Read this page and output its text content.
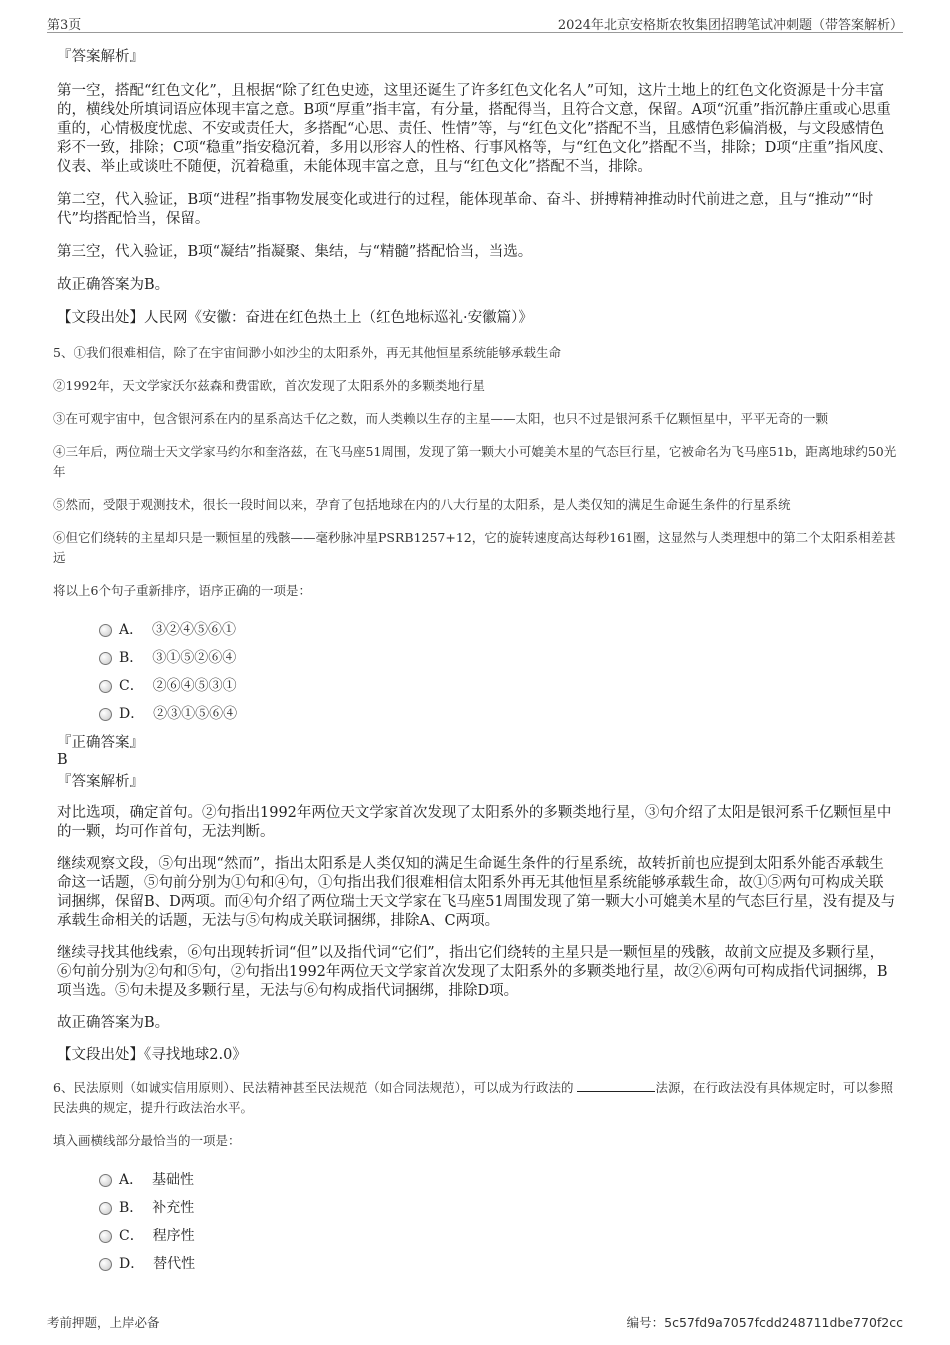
第3页	2024年北京安格斯农牧集团招聘笔试冲刺题（带答案解析）

『答案解析』

第一空，搭配“红色文化”，且根据“除了红色史迹，这里还诞生了许多红色文化名人”可知，这片土地上的红色文化资源是十分丰富的，横线处所填词语应体现丰富之意。B项“厚重”指丰富，有分量，搭配得当，且符合文意，保留。A项“沉重”指沉静庄重或心思重重的，心情极度忧虑、不安或责任大，多搭配“心思、责任、性情”等，与“红色文化”搭配不当，且感情色彩偏消极，与文段感情色彩不一致，排除；C项“稳重”指安稳沉着，多用以形容人的性格、行事风格等，与“红色文化”搭配不当，排除；D项“庄重”指风度、仪表、举止或谈吐不随便，沉着稳重，未能体现丰富之意，且与“红色文化”搭配不当，排除。

第二空，代入验证，B项“进程”指事物发展变化或进行的过程，能体现革命、奋斗、拼搏精神推动时代前进之意，且与“推动”“时代”均搭配恰当，保留。

第三空，代入验证，B项“凝结”指凝聚、集结，与“精髓”搭配恰当，当选。

故正确答案为B。

【文段出处】人民网《安徽：奋进在红色热土上（红色地标巡礼·安徽篇）》

5、①我们很难相信，除了在宇宙间渺小如沙尘的太阳系外，再无其他恒星系统能够承载生命

②1992年，天文学家沃尔兹森和费雷欧，首次发现了太阳系外的多颗类地行星

③在可观宇宙中，包含银河系在内的星系高达千亿之数，而人类赖以生存的主星——太阳，也只不过是银河系千亿颗恒星中，平平无奇的一颗

④三年后，两位瑞士天文学家马约尔和奎洛兹，在飞马座51周围，发现了第一颗大小可媲美木星的气态巨行星，它被命名为飞马座51b，距离地球约50光年

⑤然而，受限于观测技术，很长一段时间以来，孕育了包括地球在内的八大行星的太阳系，是人类仅知的满足生命诞生条件的行星系统

⑥但它们绕转的主星却只是一颗恒星的残骸——毫秒脉冲星PSRB1257+12，它的旋转速度高达每秒161圈，这显然与人类理想中的第二个太阳系相差甚远

将以上6个句子重新排序，语序正确的一项是：

A． ③②④⑤⑥①
B． ③①⑤②⑥④
C． ②⑥④⑤③①
D． ②③①⑤⑥④

『正确答案』

B

『答案解析』

对比选项，确定首句。②句指出1992年两位天文学家首次发现了太阳系外的多颗类地行星，③句介绍了太阳是银河系千亿颗恒星中的一颗，均可作首句，无法判断。

继续观察文段，⑤句出现“然而”，指出太阳系是人类仅知的满足生命诞生条件的行星系统，故转折前也应提到太阳系外能否承载生命这一话题，⑤句前分别为①句和④句，①句指出我们很难相信太阳系外再无其他恒星系统能够承载生命，故①⑤两句可构成关联词捆绑，保留B、D两项。而④句介绍了两位瑞士天文学家在飞马座51周围发现了第一颗大小可媲美木星的气态巨行星，没有提及与承载生命相关的话题，无法与⑤句构成关联词捆绑，排除A、C两项。

继续寻找其他线索，⑥句出现转折词“但”以及指代词“它们”，指出它们绕转的主星只是一颗恒星的残骸，故前文应提及多颗行星，⑥句前分别为②句和⑤句，②句指出1992年两位天文学家首次发现了太阳系外的多颗类地行星，故②⑥两句可构成指代词捆绑，B项当选。⑤句未提及多颗行星，无法与⑥句构成指代词捆绑，排除D项。

故正确答案为B。

【文段出处】《寻找地球2.0》

6、民法原则（如诚实信用原则）、民法精神甚至民法规范（如合同法规范），可以成为行政法的	法源，在行政法没有具体规定时，可以参照民法典的规定，提升行政法治水平。

填入画横线部分最恰当的一项是：

A． 基础性
B． 补充性
C． 程序性
D． 替代性
考前押题，上岸必备	编号：5c57fd9a7057fcdd248711dbe770f2cc
